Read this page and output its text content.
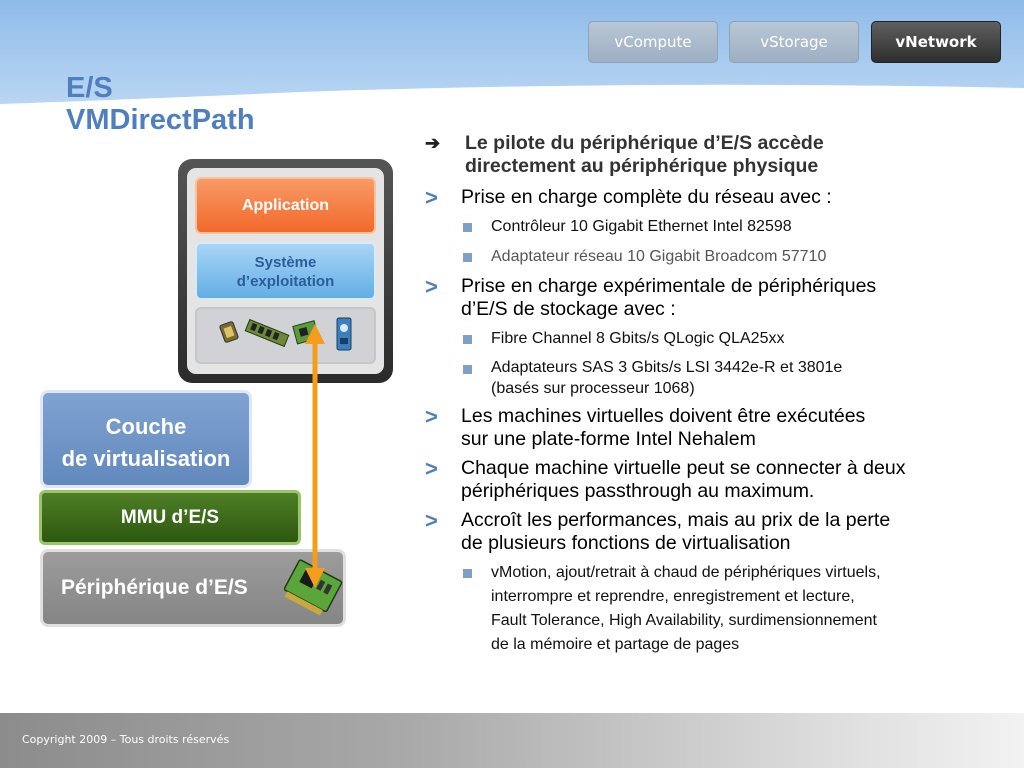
vCompute	vStorage	vNetwork
E/S
VMDirectPath
Application
Système
d’exploitation
Couche
de virtualisation
MMU d’E/S
Périphérique d’E/S
➔ Le pilote du périphérique d’E/S accède
directement au périphérique physique
> Prise en charge complète du réseau avec :
Contrôleur 10 Gigabit Ethernet Intel 82598
Adaptateur réseau 10 Gigabit Broadcom 57710
> Prise en charge expérimentale de périphériques
d’E/S de stockage avec :
Fibre Channel 8 Gbits/s QLogic QLA25xx
Adaptateurs SAS 3 Gbits/s LSI 3442e-R et 3801e
(basés sur processeur 1068)
> Les machines virtuelles doivent être exécutées
sur une plate-forme Intel Nehalem
> Chaque machine virtuelle peut se connecter à deux
périphériques passthrough au maximum.
> Accroît les performances, mais au prix de la perte
de plusieurs fonctions de virtualisation
vMotion, ajout/retrait à chaud de périphériques virtuels,
interrompre et reprendre, enregistrement et lecture,
Fault Tolerance, High Availability, surdimensionnement
de la mémoire et partage de pages
Copyright 2009 – Tous droits réservés
